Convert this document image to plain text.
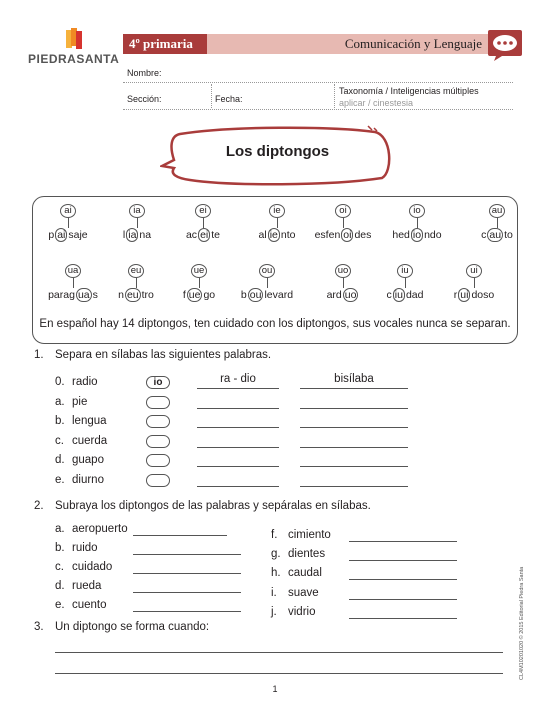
PIEDRASANTA
4º primaria	Comunicación y Lenguaje
Nombre:
Sección:	Fecha:
Taxonomía / Inteligencias múltiples
aplicar / cinestesia
Los diptongos
ai
p ai saje
ia
l ia na
ei
ac ei te
ie
al ie nto
oi
esfen oi des
io
hed io ndo
au
c au to
ua
parag ua s
eu
n eu tro
ue
f ue go
ou
b ou levard
uo
ard uo
iu
c iu dad
ui
r ui doso
En español hay 14 diptongos, ten cuidado con los diptongos, sus vocales nunca se separan.
1. Separa en sílabas las siguientes palabras.
0. radio	io	ra - dio	bisílaba
a. pie
b. lengua
c. cuerda
d. guapo
e. diurno
2. Subraya los diptongos de las palabras y sepáralas en sílabas.
a. aeropuerto
b. ruido
c. cuidado
d. rueda
e. cuento
f. cimiento
g. dientes
h. caudal
i. suave
j. vidrio
3. Un diptongo se forma cuando:
1
CL4M10201020 © 2015 Editorial Piedra Santa
